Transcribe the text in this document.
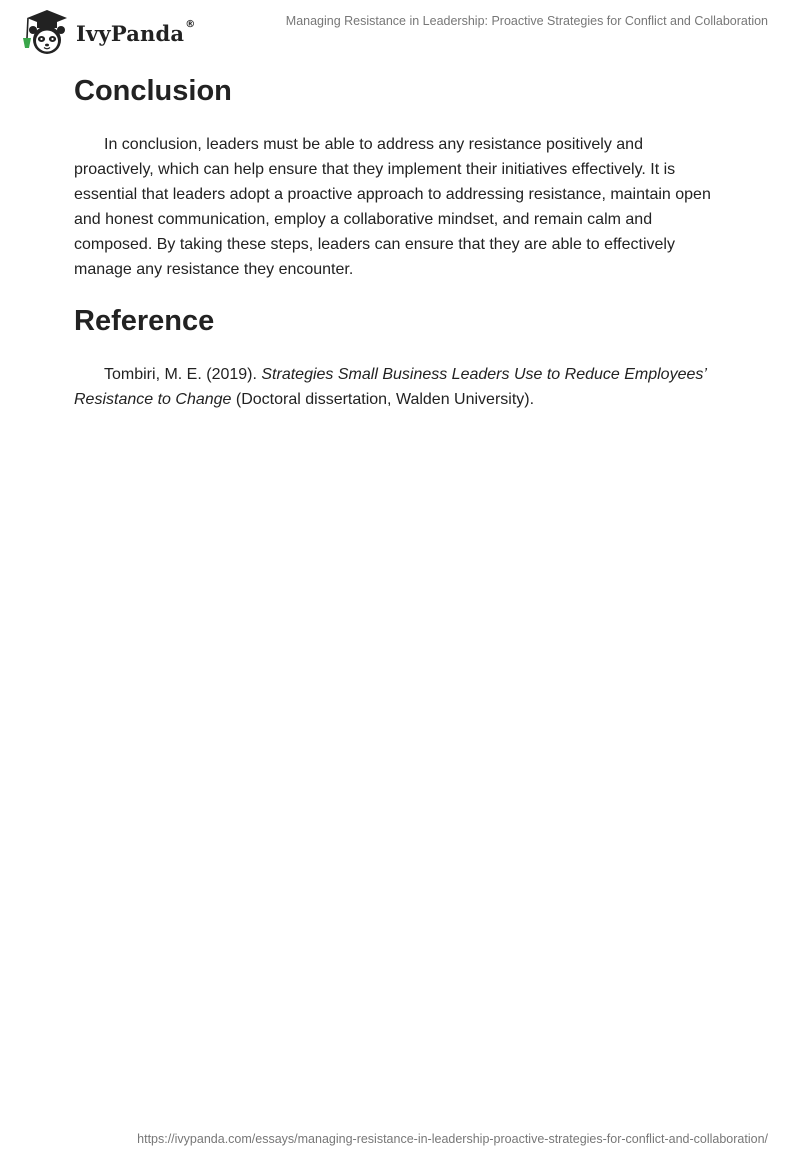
IvyPanda®	Managing Resistance in Leadership: Proactive Strategies for Conflict and Collaboration
Conclusion

In conclusion, leaders must be able to address any resistance positively and proactively, which can help ensure that they implement their initiatives effectively. It is essential that leaders adopt a proactive approach to addressing resistance, maintain open and honest communication, employ a collaborative mindset, and remain calm and composed. By taking these steps, leaders can ensure that they are able to effectively manage any resistance they encounter.

Reference

Tombiri, M. E. (2019). Strategies Small Business Leaders Use to Reduce Employees’ Resistance to Change (Doctoral dissertation, Walden University).

https://ivypanda.com/essays/managing-resistance-in-leadership-proactive-strategies-for-conflict-and-collaboration/
